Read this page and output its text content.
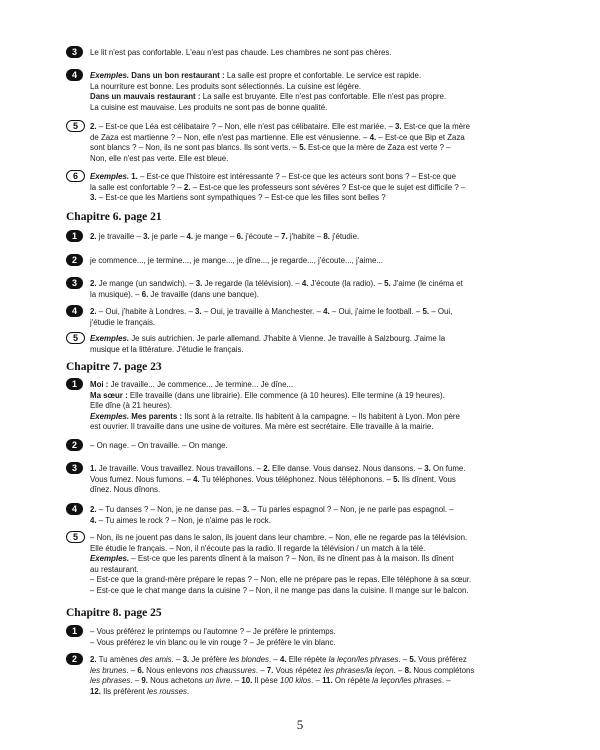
3	Le lit n'est pas confortable. L'eau n'est pas chaude. Les chambres ne sont pas chères.

4	Exemples. Dans un bon restaurant : La salle est propre et confortable. Le service est rapide.

La nourriture est bonne. Les produits sont sélectionnés. La cuisine est légère.

Dans un mauvais restaurant : La salle est bruyante. Elle n'est pas confortable. Elle n'est pas propre.

La cuisine est mauvaise. Les produits ne sont pas de bonne qualité.

5	2. – Est-ce que Léa est célibataire ? – Non, elle n'est pas célibataire. Elle est mariée. – 3. Est-ce que la mère

de Zaza est martienne ? – Non, elle n'est pas martienne. Elle est vénusienne. – 4. – Est-ce que Bip et Zaza

sont blancs ? – Non, ils ne sont pas blancs. Ils sont verts. – 5. Est-ce que la mère de Zaza est verte ? –

Non, elle n'est pas verte. Elle est bleue.

6	Exemples. 1. – Est-ce que l'histoire est intéressante ? – Est-ce que les acteurs sont bons ? – Est-ce que

la salle est confortable ? – 2. – Est-ce que les professeurs sont sévères ? Est-ce que le sujet est difficile ? –

3. – Est-ce que les Martiens sont sympathiques ? – Est-ce que les filles sont belles ?

Chapitre 6. page 21
1	2. je travaille – 3. je parle – 4. je mange – 6. j'écoute – 7. j'habite – 8. j'étudie.

2	je commence..., je termine..., je mange..., je dîne..., je regarde..., j'écoute..., j'aime...

3	2. Je mange (un sandwich). – 3. Je regarde (la télévision). – 4. J'écoute (la radio). – 5. J'aime (le cinéma et

la musique). – 6. Je travaille (dans une banque).

4	2. – Oui, j'habite à Londres. – 3. – Oui, je travaille à Manchester. – 4. – Oui, j'aime le football. – 5. – Oui,

j'étudie le français.

5	Exemples. Je suis autrichien. Je parle allemand. J'habite à Vienne. Je travaille à Salzbourg. J'aime la

musique et la littérature. J'étudie le français.

Chapitre 7. page 23
1	Moi : Je travaille... Je commence... Je termine... Je dîne...

Ma sœur : Elle travaille (dans une librairie). Elle commence (à 10 heures). Elle termine (à 19 heures).

Elle dîne (à 21 heures).

Exemples. Mes parents : Ils sont à la retraite. Ils habitent à la campagne. – Ils habitent à Lyon. Mon père

est ouvrier. Il travaille dans une usine de voitures. Ma mère est secrétaire. Elle travaille à la mairie.

2	– On nage. – On travaille. – On mange.

3	1. Je travaille. Vous travaillez. Nous travaillons. – 2. Elle danse. Vous dansez. Nous dansons. – 3. On fume.

Vous fumez. Nous fumons. – 4. Tu téléphones. Vous téléphonez. Nous téléphonons. – 5. Ils dînent. Vous

dînez. Nous dînons.

4	2. – Tu danses ? – Non, je ne danse pas. – 3. – Tu parles espagnol ? – Non, je ne parle pas espagnol. –

4. – Tu aimes le rock ? – Non, je n'aime pas le rock.

5	– Non, ils ne jouent pas dans le salon, ils jouent dans leur chambre. – Non, elle ne regarde pas la télévision.

Elle étudie le français. – Non, il n'écoute pas la radio. Il regarde la télévision / un match à la télé.

Exemples. – Est-ce que les parents dînent à la maison ? – Non, ils ne dînent pas à la maison. Ils dînent

au restaurant.

– Est-ce que la grand-mère prépare le repas ? – Non, elle ne prépare pas le repas. Elle téléphone à sa sœur.

– Est-ce que le chat mange dans la cuisine ? – Non, il ne mange pas dans la cuisine. Il mange sur le balcon.

Chapitre 8. page 25
1	– Vous préférez le printemps ou l'automne ? – Je préfère le printemps.

– Vous préférez le vin blanc ou le vin rouge ? – Je préfère le vin blanc.

2	2. Tu amènes des amis. – 3. Je préfère les blondes. – 4. Elle répète la leçon/les phrases. – 5. Vous préférez

les brunes. – 6. Nous enlevons nos chaussures. – 7. Vous répétez les phrases/la leçon. – 8. Nous complétons

les phrases. – 9. Nous achetons un livre. – 10. Il pèse 100 kilos. – 11. On répète la leçon/les phrases. –

12. Ils préfèrent les rousses.

5
